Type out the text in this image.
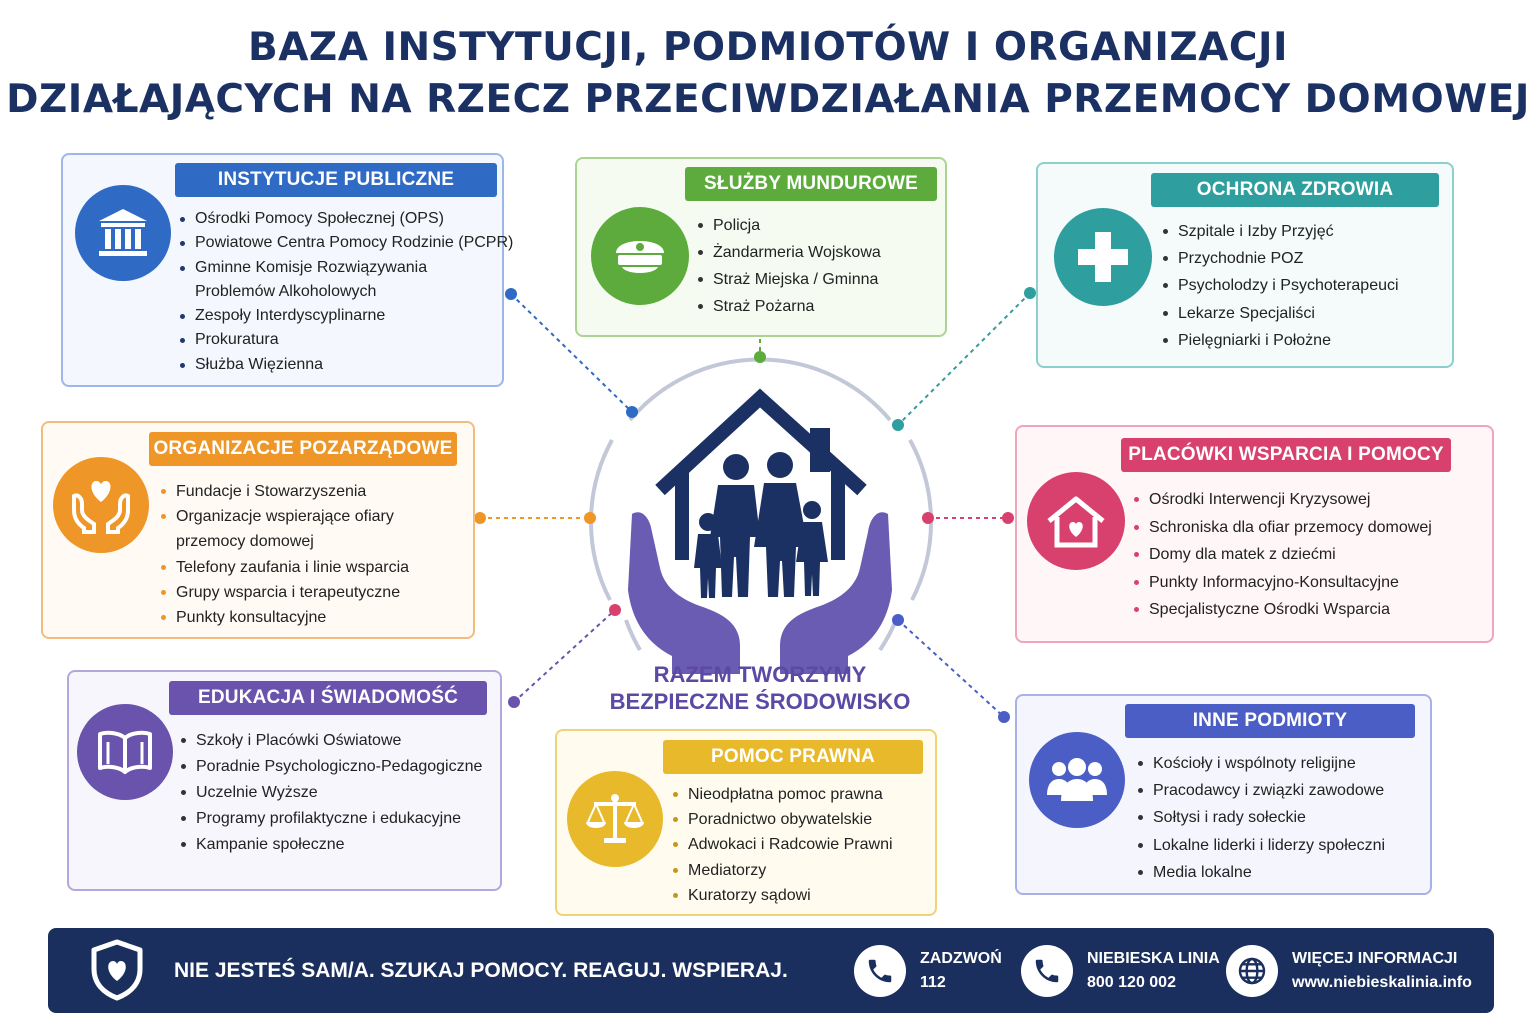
BAZA INSTYTUCJI, PODMIOTÓW I ORGANIZACJI
DZIAŁAJĄCYCH NA RZECZ PRZECIWDZIAŁANIA PRZEMOCY DOMOWEJ
RAZEM TWORZYMY
BEZPIECZNE ŚRODOWISKO
INSTYTUCJE PUBLICZNE
Ośrodki Pomocy Społecznej (OPS)
Powiatowe Centra Pomocy Rodzinie (PCPR)
Gminne Komisje Rozwiązywania
Problemów Alkoholowych
Zespoły Interdyscyplinarne
Prokuratura
Służba Więzienna
SŁUŻBY MUNDUROWE
Policja
Żandarmeria Wojskowa
Straż Miejska / Gminna
Straż Pożarna
OCHRONA ZDROWIA
Szpitale i Izby Przyjęć
Przychodnie POZ
Psycholodzy i Psychoterapeuci
Lekarze Specjaliści
Pielęgniarki i Położne
ORGANIZACJE POZARZĄDOWE
Fundacje i Stowarzyszenia
Organizacje wspierające ofiary
przemocy domowej
Telefony zaufania i linie wsparcia
Grupy wsparcia i terapeutyczne
Punkty konsultacyjne
PLACÓWKI WSPARCIA I POMOCY
Ośrodki Interwencji Kryzysowej
Schroniska dla ofiar przemocy domowej
Domy dla matek z dziećmi
Punkty Informacyjno-Konsultacyjne
Specjalistyczne Ośrodki Wsparcia
EDUKACJA I ŚWIADOMOŚĆ
Szkoły i Placówki Oświatowe
Poradnie Psychologiczno-Pedagogiczne
Uczelnie Wyższe
Programy profilaktyczne i edukacyjne
Kampanie społeczne
POMOC PRAWNA
Nieodpłatna pomoc prawna
Poradnictwo obywatelskie
Adwokaci i Radcowie Prawni
Mediatorzy
Kuratorzy sądowi
INNE PODMIOTY
Kościoły i wspólnoty religijne
Pracodawcy i związki zawodowe
Sołtysi i rady sołeckie
Lokalne liderki i liderzy społeczni
Media lokalne
NIE JESTEŚ SAM/A. SZUKAJ POMOCY. REAGUJ. WSPIERAJ.
ZADZWOŃ
112
NIEBIESKA LINIA
800 120 002
WIĘCEJ INFORMACJI
www.niebieskalinia.info
